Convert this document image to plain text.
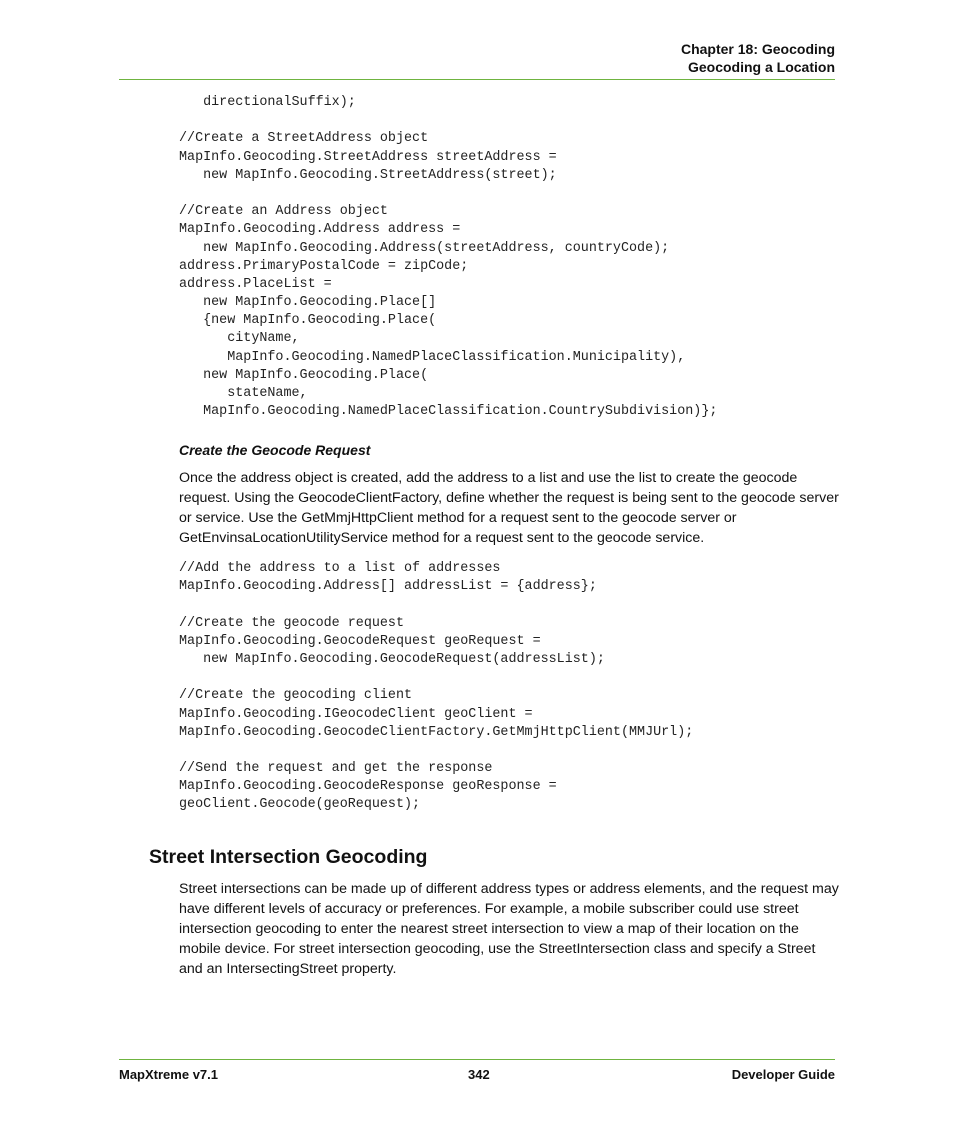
Chapter 18: Geocoding
Geocoding a Location
directionalSuffix);
//Create a StreetAddress object
MapInfo.Geocoding.StreetAddress streetAddress =
new MapInfo.Geocoding.StreetAddress(street);
//Create an Address object
MapInfo.Geocoding.Address address =
new MapInfo.Geocoding.Address(streetAddress, countryCode);
address.PrimaryPostalCode = zipCode;
address.PlaceList =
new MapInfo.Geocoding.Place[]
{new MapInfo.Geocoding.Place(
cityName,
MapInfo.Geocoding.NamedPlaceClassification.Municipality),
new MapInfo.Geocoding.Place(
stateName,
MapInfo.Geocoding.NamedPlaceClassification.CountrySubdivision)};
Create the Geocode Request

Once the address object is created, add the address to a list and use the list to create the geocode request. Using the GeocodeClientFactory, define whether the request is being sent to the geocode server or service. Use the GetMmjHttpClient method for a request sent to the geocode server or GetEnvinsaLocationUtilityService method for a request sent to the geocode service.

//Add the address to a list of addresses
MapInfo.Geocoding.Address[] addressList = {address};
//Create the geocode request
MapInfo.Geocoding.GeocodeRequest geoRequest =
new MapInfo.Geocoding.GeocodeRequest(addressList);
//Create the geocoding client
MapInfo.Geocoding.IGeocodeClient geoClient =
MapInfo.Geocoding.GeocodeClientFactory.GetMmjHttpClient(MMJUrl);
//Send the request and get the response
MapInfo.Geocoding.GeocodeResponse geoResponse =
geoClient.Geocode(geoRequest);
Street Intersection Geocoding

Street intersections can be made up of different address types or address elements, and the request may have different levels of accuracy or preferences. For example, a mobile subscriber could use street intersection geocoding to enter the nearest street intersection to view a map of their location on the mobile device. For street intersection geocoding, use the StreetIntersection class and specify a Street and an IntersectingStreet property.

MapXtreme v7.1	342	Developer Guide
